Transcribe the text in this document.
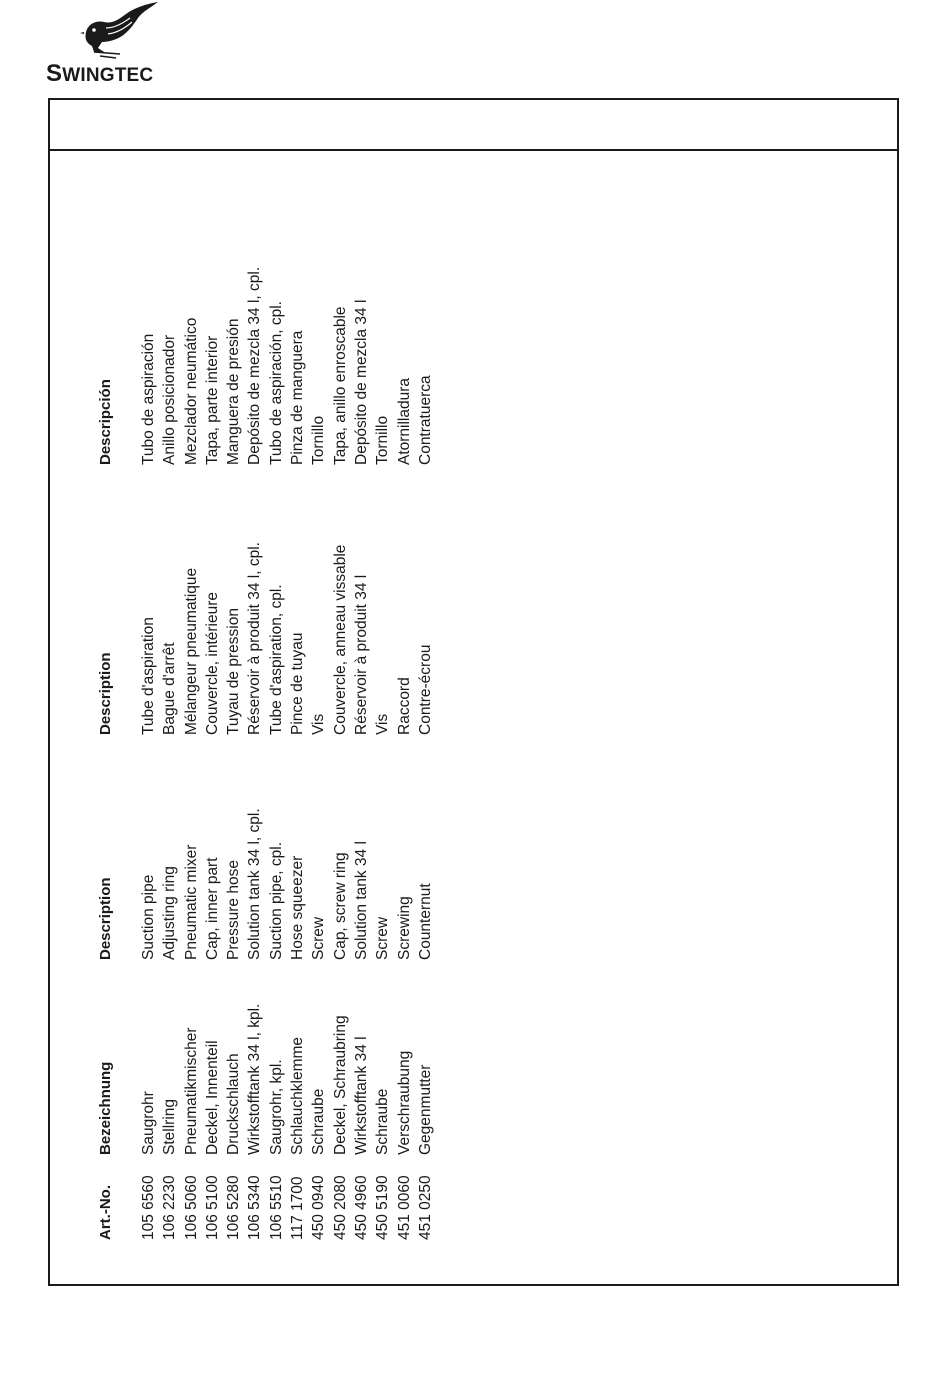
SWINGTEC
Art.-No. 105 6560 106 2230 106 5060 106 5100 106 5280 106 5340 106 5510 117 1700 450 0940 450 2080 450 4960 450 5190 451 0060 451 0250
Bezeichnung Saugrohr Stellring Pneumatikmischer Deckel, Innenteil Druckschlauch Wirkstofftank 34 l, kpl. Saugrohr, kpl. Schlauchklemme Schraube Deckel, Schraubring Wirkstofftank 34 l Schraube Verschraubung Gegenmutter
Description Suction pipe Adjusting ring Pneumatic mixer Cap, inner part Pressure hose Solution tank 34 l, cpl. Suction pipe, cpl. Hose squeezer Screw Cap, screw ring Solution tank 34 l Screw Screwing Counternut
Description Tube d'aspiration Bague d'arrêt Mélangeur pneumatique Couvercle, intérieure Tuyau de pression Réservoir à produit 34 l, cpl. Tube d'aspiration, cpl. Pince de tuyau Vis Couvercle, anneau vissable Réservoir à produit 34 l Vis Raccord Contre-écrou
Descripción Tubo de aspiración Anillo posicionador Mezclador neumático Tapa, parte interior Manguera de presión Depósito de mezcla 34 l, cpl. Tubo de aspiración, cpl. Pinza de manguera Tornillo Tapa, anillo enroscable Depósito de mezcla 34 l Tornillo Atornilladura Contratuerca
